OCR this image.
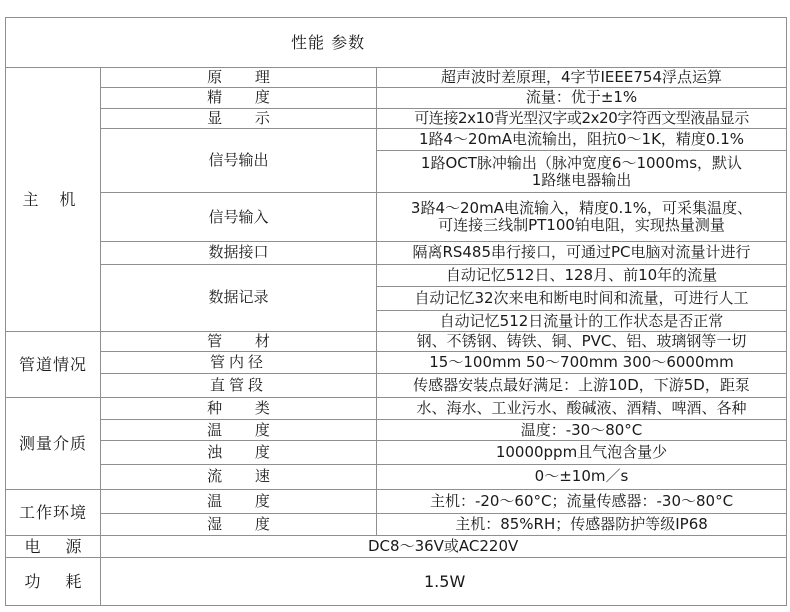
性能 参数		
主 机	原 理	超声波时差原理，4字节IEEE754浮点运算
	精 度	流量：优于±1%
	显 示	可连接2x10背光型汉字或2x20字符西文型液晶显示
	信号输出	1路4～20mA电流输出，阻抗0～1K，精度0.1%

		1路OCT脉冲输出（脉冲宽度6～1000ms，默认
1路继电器输出

	信号输入	3路4～20mA电流输入，精度0.1%，可采集温度、
可连接三线制PT100铂电阻，实现热量测量

	数据接口	隔离RS485串行接口，可通过PC电脑对流量计进行
	数据记录	自动记忆512日、128月、前10年的流量
		自动记忆32次来电和断电时间和流量，可进行人工
		自动记忆512日流量计的工作状态是否正常
管道情况	管 材	钢、不锈钢、铸铁、铜、PVC、铝、玻璃钢等一切
	管内径	15～100mm 50～700mm 300～6000mm
	直管段	传感器安装点最好满足：上游10D，下游5D，距泵
测量介质	种 类	水、海水、工业污水、酸碱液、酒精、啤酒、各种
	温 度	温度：-30～80°C
	浊 度	10000ppm且气泡含量少
	流 速	0～±10m／s
工作环境	温 度	主机：-20～60°C；流量传感器：-30～80°C
	湿 度	主机：85%RH；传感器防护等级IP68
电 源	DC8～36V或AC220V	
功 耗	1.5W	
